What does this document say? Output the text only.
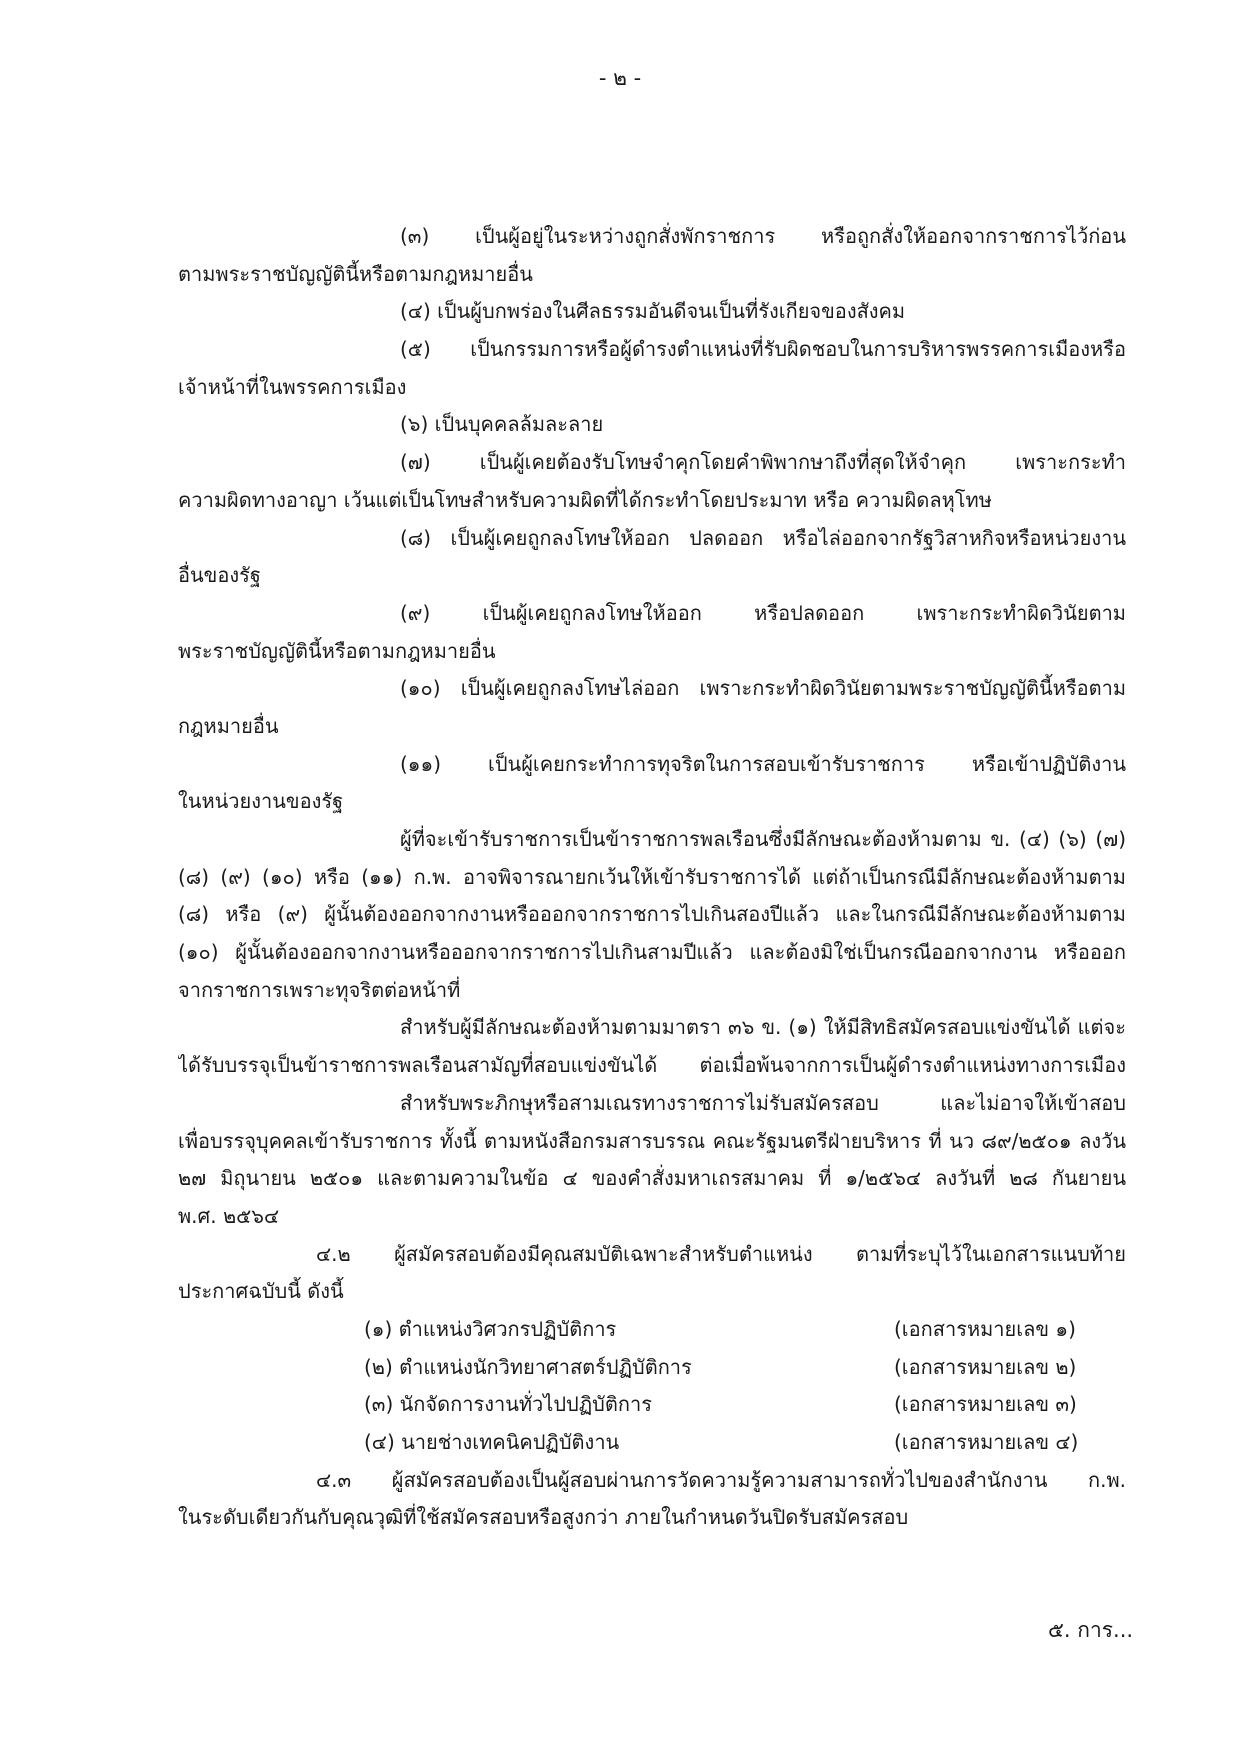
- ๒ -
(๓) เป็นผู้อยู่ในระหว่างถูกสั่งพักราชการ หรือถูกสั่งให้ออกจากราชการไว้ก่อน
ตามพระราชบัญญัตินี้หรือตามกฎหมายอื่น
(๔) เป็นผู้บกพร่องในศีลธรรมอันดีจนเป็นที่รังเกียจของสังคม
(๕) เป็นกรรมการหรือผู้ดำรงตำแหน่งที่รับผิดชอบในการบริหารพรรคการเมืองหรือ
เจ้าหน้าที่ในพรรคการเมือง
(๖) เป็นบุคคลล้มละลาย
(๗) เป็นผู้เคยต้องรับโทษจำคุกโดยคำพิพากษาถึงที่สุดให้จำคุก เพราะกระทำ
ความผิดทางอาญา เว้นแต่เป็นโทษสำหรับความผิดที่ได้กระทำโดยประมาท หรือ ความผิดลหุโทษ
(๘) เป็นผู้เคยถูกลงโทษให้ออก ปลดออก หรือไล่ออกจากรัฐวิสาหกิจหรือหน่วยงาน
อื่นของรัฐ
(๙) เป็นผู้เคยถูกลงโทษให้ออก หรือปลดออก เพราะกระทำผิดวินัยตาม
พระราชบัญญัตินี้หรือตามกฎหมายอื่น
(๑๐) เป็นผู้เคยถูกลงโทษไล่ออก เพราะกระทำผิดวินัยตามพระราชบัญญัตินี้หรือตาม
กฎหมายอื่น
(๑๑) เป็นผู้เคยกระทำการทุจริตในการสอบเข้ารับราชการ หรือเข้าปฏิบัติงาน
ในหน่วยงานของรัฐ
ผู้ที่จะเข้ารับราชการเป็นข้าราชการพลเรือนซึ่งมีลักษณะต้องห้ามตาม ข. (๔) (๖) (๗)
(๘) (๙) (๑๐) หรือ (๑๑) ก.พ. อาจพิจารณายกเว้นให้เข้ารับราชการได้ แต่ถ้าเป็นกรณีมีลักษณะต้องห้ามตาม
(๘) หรือ (๙) ผู้นั้นต้องออกจากงานหรือออกจากราชการไปเกินสองปีแล้ว และในกรณีมีลักษณะต้องห้ามตาม
(๑๐) ผู้นั้นต้องออกจากงานหรือออกจากราชการไปเกินสามปีแล้ว และต้องมิใช่เป็นกรณีออกจากงาน หรือออก
จากราชการเพราะทุจริตต่อหน้าที่
สำหรับผู้มีลักษณะต้องห้ามตามมาตรา ๓๖ ข. (๑) ให้มีสิทธิสมัครสอบแข่งขันได้ แต่จะ
ได้รับบรรจุเป็นข้าราชการพลเรือนสามัญที่สอบแข่งขันได้ ต่อเมื่อพ้นจากการเป็นผู้ดำรงตำแหน่งทางการเมือง
สำหรับพระภิกษุหรือสามเณรทางราชการไม่รับสมัครสอบ และไม่อาจให้เข้าสอบ
เพื่อบรรจุบุคคลเข้ารับราชการ ทั้งนี้ ตามหนังสือกรมสารบรรณ คณะรัฐมนตรีฝ่ายบริหาร ที่ นว ๘๙/๒๕๐๑ ลงวัน
๒๗ มิถุนายน ๒๕๐๑ และตามความในข้อ ๔ ของคำสั่งมหาเถรสมาคม ที่ ๑/๒๕๖๔ ลงวันที่ ๒๘ กันยายน
พ.ศ. ๒๕๖๔
๔.๒ ผู้สมัครสอบต้องมีคุณสมบัติเฉพาะสำหรับตำแหน่ง ตามที่ระบุไว้ในเอกสารแนบท้าย
ประกาศฉบับนี้ ดังนี้
(๑) ตำแหน่งวิศวกรปฏิบัติการ	(เอกสารหมายเลข ๑)
(๒) ตำแหน่งนักวิทยาศาสตร์ปฏิบัติการ	(เอกสารหมายเลข ๒)
(๓) นักจัดการงานทั่วไปปฏิบัติการ	(เอกสารหมายเลข ๓)
(๔) นายช่างเทคนิคปฏิบัติงาน	(เอกสารหมายเลข ๔)
๔.๓ ผู้สมัครสอบต้องเป็นผู้สอบผ่านการวัดความรู้ความสามารถทั่วไปของสำนักงาน ก.พ.
ในระดับเดียวกันกับคุณวุฒิที่ใช้สมัครสอบหรือสูงกว่า ภายในกำหนดวันปิดรับสมัครสอบ
๕. การ...
